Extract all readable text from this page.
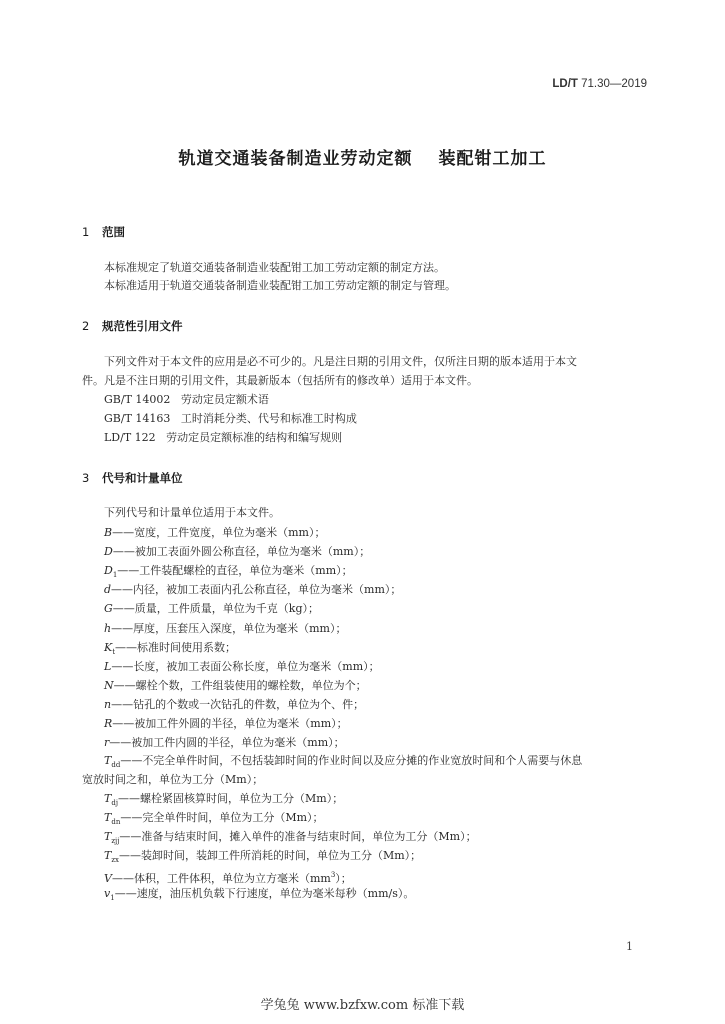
LD/T 71.30—2019
轨道交通装备制造业劳动定额 装配钳工加工
1 范围
本标准规定了轨道交通装备制造业装配钳工加工劳动定额的制定方法。
本标准适用于轨道交通装备制造业装配钳工加工劳动定额的制定与管理。
2 规范性引用文件
下列文件对于本文件的应用是必不可少的。凡是注日期的引用文件，仅所注日期的版本适用于本文
件。凡是不注日期的引用文件，其最新版本（包括所有的修改单）适用于本文件。
GB/T 14002 劳动定员定额术语
GB/T 14163 工时消耗分类、代号和标准工时构成
LD/T 122 劳动定员定额标准的结构和编写规则
3 代号和计量单位
下列代号和计量单位适用于本文件。
B——宽度，工件宽度，单位为毫米（mm）；
D——被加工表面外圆公称直径，单位为毫米（mm）；
$D_1——$工件装配螺栓的直径，单位为毫米（mm）；
d——内径，被加工表面内孔公称直径，单位为毫米（mm）；
G——质量，工件质量，单位为千克（kg）；
h——厚度，压套压入深度，单位为毫米（mm）；
$K_t——$标准时间使用系数；
L——长度，被加工表面公称长度，单位为毫米（mm）；
N——螺栓个数，工件组装使用的螺栓数，单位为个；
n——钻孔的个数或一次钻孔的件数，单位为个、件；
R——被加工件外圆的半径，单位为毫米（mm）；
r——被加工件内圆的半径，单位为毫米（mm）；
$T_{dd}——$不完全单件时间，不包括装卸时间的作业时间以及应分摊的作业宽放时间和个人需要与休息
宽放时间之和，单位为工分（Mm）；
$T_{dj}——$螺栓紧固核算时间，单位为工分（Mm）；
$T_{dn}——$完全单件时间，单位为工分（Mm）；
$T_{zjj}——$准备与结束时间，摊入单件的准备与结束时间，单位为工分（Mm）；
$T_{zx}——$装卸时间，装卸工件所消耗的时间，单位为工分（Mm）；
V——体积，工件体积，单位为立方毫米$(mm^3)$；
$v_1——$速度，油压机负载下行速度，单位为毫米每秒（mm/s）。
1
学兔兔 www.bzfxw.com 标准下载
